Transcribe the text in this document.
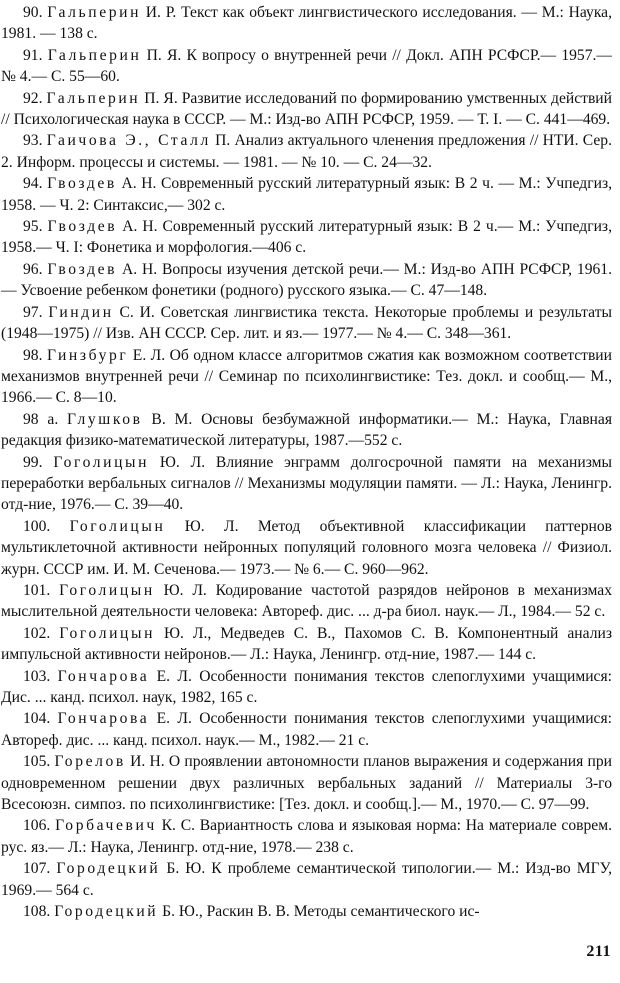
90. Гальперин И. Р. Текст как объект лингвистического исследования. — М.: Наука, 1981. — 138 с.

91. Гальперин П. Я. К вопросу о внутренней речи // Докл. АПН РСФСР.— 1957.— № 4.— С. 55—60.

92. Гальперин П. Я. Развитие исследований по формированию умственных действий // Психологическая наука в СССР. — М.: Изд-во АПН РСФСР, 1959. — Т. I. — С. 441—469.

93. Гаичова Э., Сталл П. Анализ актуального членения предложения // НТИ. Сер. 2. Информ. процессы и системы. — 1981. — № 10. — С. 24—32.

94. Гвоздев А. Н. Современный русский литературный язык: В 2 ч. — М.: Учпедгиз, 1958. — Ч. 2: Синтаксис,— 302 с.

95. Гвоздев А. Н. Современный русский литературный язык: В 2 ч.— М.: Учпедгиз, 1958.— Ч. I: Фонетика и морфология.—406 с.

96. Гвоздев А. Н. Вопросы изучения детской речи.— М.: Изд-во АПН РСФСР, 1961.— Усвоение ребенком фонетики (родного) русского языка.— С. 47—148.

97. Гиндин С. И. Советская лингвистика текста. Некоторые проблемы и результаты (1948—1975) // Изв. АН СССР. Сер. лит. и яз.— 1977.— № 4.— С. 348—361.

98. Гинзбург Е. Л. Об одном классе алгоритмов сжатия как возможном соответствии механизмов внутренней речи // Семинар по психолингвистике: Тез. докл. и сообщ.— М., 1966.— С. 8—10.

98 а. Глушков В. М. Основы безбумажной информатики.— М.: Наука, Главная редакция физико-математической литературы, 1987.—552 с.

99. Гоголицын Ю. Л. Влияние энграмм долгосрочной памяти на механизмы переработки вербальных сигналов // Механизмы модуляции памяти. — Л.: Наука, Ленингр. отд-ние, 1976.— С. 39—40.

100. Гоголицын Ю. Л. Метод объективной классификации паттернов мультиклеточной активности нейронных популяций головного мозга человека // Физиол. журн. СССР им. И. М. Сеченова.— 1973.— № 6.— С. 960—962.

101. Гоголицын Ю. Л. Кодирование частотой разрядов нейронов в механизмах мыслительной деятельности человека: Автореф. дис. ... д-ра биол. наук.— Л., 1984.— 52 с.

102. Гоголицын Ю. Л., Медведев С. В., Пахомов С. В. Компонентный анализ импульсной активности нейронов.— Л.: Наука, Ленингр. отд-ние, 1987.— 144 с.

103. Гончарова Е. Л. Особенности понимания текстов слепоглухими учащимися: Дис. ... канд. психол. наук, 1982, 165 с.

104. Гончарова Е. Л. Особенности понимания текстов слепоглухими учащимися: Автореф. дис. ... канд. психол. наук.— М., 1982.— 21 с.

105. Горелов И. Н. О проявлении автономности планов выражения и содержания при одновременном решении двух различных вербальных заданий // Материалы 3-го Всесоюзн. симпоз. по психолингвистике: [Тез. докл. и сообщ.].— М., 1970.— С. 97—99.

106. Горбачевич К. С. Вариантность слова и языковая норма: На материале соврем. рус. яз.— Л.: Наука, Ленингр. отд-ние, 1978.— 238 с.

107. Городецкий Б. Ю. К проблеме семантической типологии.— М.: Изд-во МГУ, 1969.— 564 с.

108. Городецкий Б. Ю., Раскин В. В. Методы семантического ис-

211
